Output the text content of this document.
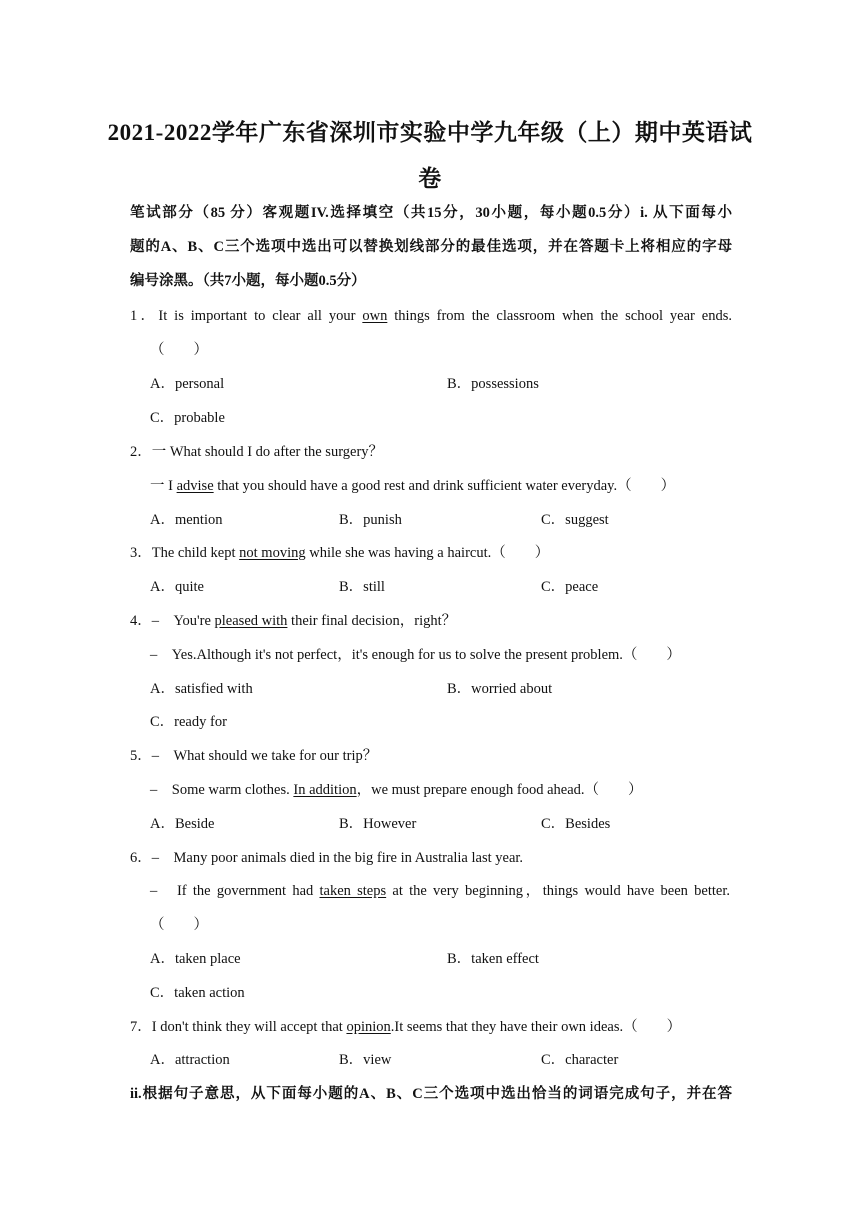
2021-2022学年广东省深圳市实验中学九年级（上）期中英语试
卷
笔试部分（85 分）客观题IV.选择填空（共15分，30小题，每小题0.5分）i. 从下面每小
题的A、B、C三个选项中选出可以替换划线部分的最佳选项，并在答题卡上将相应的字母
编号涂黑。（共7小题，每小题0.5分）
1．It is important to clear all your own things from the classroom when the school year ends.
（　　）
A．personal	B．possessions
C．probable
2．一 What should I do after the surgery？
一 I advise that you should have a good rest and drink sufficient water everyday.（　　）
A．mention	B．punish	C．suggest
3．The child kept not moving while she was having a haircut.（　　）
A．quite	B．still	C．peace
4．–　You're pleased with their final decision，right？
–　Yes.Although it's not perfect，it's enough for us to solve the present problem.（　　）
A．satisfied with	B．worried about
C．ready for
5．–　What should we take for our trip？
–　Some warm clothes. In addition，we must prepare enough food ahead.（　　）
A．Beside	B．However	C．Besides
6．–　Many poor animals died in the big fire in Australia last year.
–　If the government had taken steps at the very beginning，things would have been better.
（　　）
A．taken place	B．taken effect
C．taken action
7．I don't think they will accept that opinion.It seems that they have their own ideas.（　　）
A．attraction	B．view	C．character
ii.根据句子意思，从下面每小题的A、B、C三个选项中选出恰当的词语完成句子，并在答
